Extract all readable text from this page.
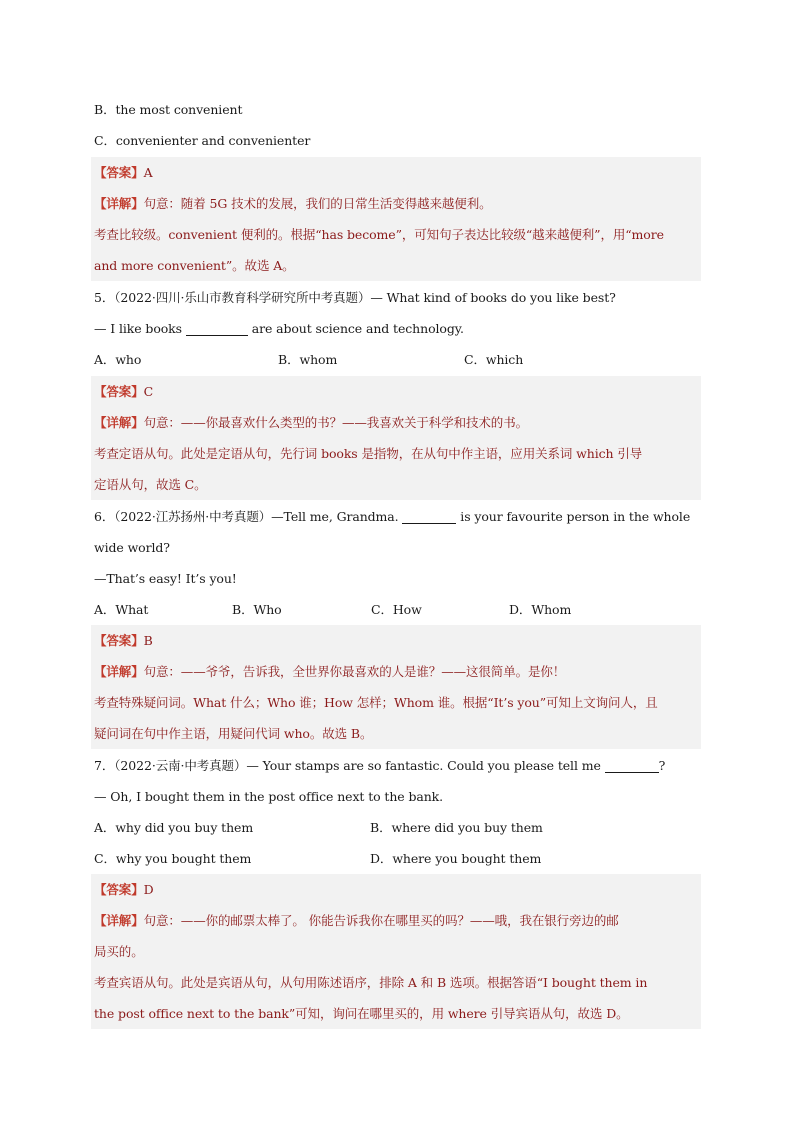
B．the most convenient
C．convenienter and convenienter
【答案】A
【详解】句意：随着 5G 技术的发展，我们的日常生活变得越来越便利。
考查比较级。convenient 便利的。根据“has become”，可知句子表达比较级“越来越便利”，用“more
and more convenient”。故选 A。
5．（2022·四川·乐山市教育科学研究所中考真题）— What kind of books do you like best?
— I like books	are about science and technology.
A．who	B．whom	C．which
【答案】C
【详解】句意：——你最喜欢什么类型的书？——我喜欢关于科学和技术的书。
考查定语从句。此处是定语从句，先行词 books 是指物，在从句中作主语，应用关系词 which 引导
定语从句，故选 C。
6．（2022·江苏扬州·中考真题）—Tell me, Grandma.	is your favourite person in the whole
wide world?
—That’s easy! It’s you!
A．What	B．Who	C．How	D．Whom
【答案】B
【详解】句意：——爷爷，告诉我，全世界你最喜欢的人是谁？——这很简单。是你！
考查特殊疑问词。What 什么；Who 谁；How 怎样；Whom 谁。根据“It’s you”可知上文询问人，且
疑问词在句中作主语，用疑问代词 who。故选 B。
7．（2022·云南·中考真题）— Your stamps are so fantastic. Could you please tell me	?
— Oh, I bought them in the post office next to the bank.
A．why did you buy them	B．where did you buy them
C．why you bought them	D．where you bought them
【答案】D
【详解】句意：——你的邮票太棒了。 你能告诉我你在哪里买的吗？——哦，我在银行旁边的邮
局买的。
考查宾语从句。此处是宾语从句，从句用陈述语序，排除 A 和 B 选项。根据答语“I bought them in
the post office next to the bank”可知，询问在哪里买的，用 where 引导宾语从句，故选 D。
